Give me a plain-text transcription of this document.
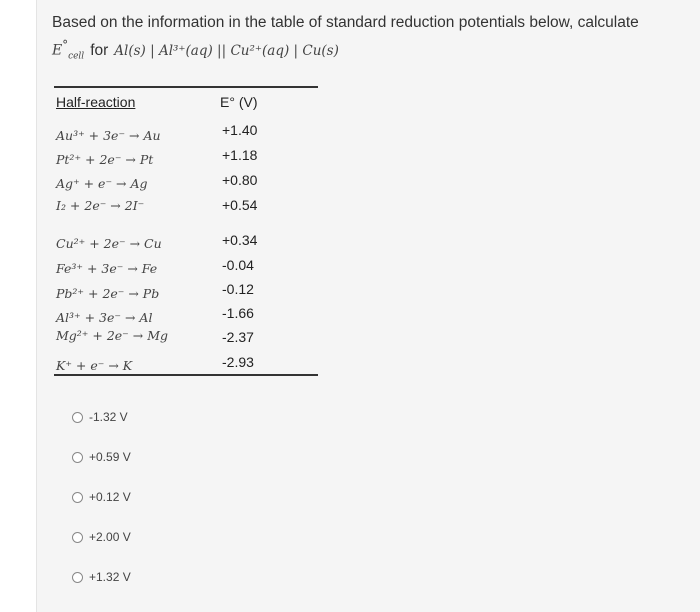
Based on the information in the table of standard reduction potentials below, calculate
$E^\circ_{cell}$ for Al(s) | Al³⁺(aq) || Cu²⁺(aq) | Cu(s)
Half-reaction	E° (V)
Au³⁺ + 3e⁻ → Au	+1.40
Pt²⁺ + 2e⁻ → Pt	+1.18
Ag⁺ + e⁻ → Ag	+0.80
I₂ + 2e⁻ → 2I⁻	+0.54
Cu²⁺ + 2e⁻ → Cu	+0.34
Fe³⁺ + 3e⁻ → Fe	-0.04
Pb²⁺ + 2e⁻ → Pb	-0.12
Al³⁺ + 3e⁻ → Al	-1.66
Mg²⁺ + 2e⁻ → Mg	-2.37
K⁺ + e⁻ → K	-2.93
-1.32 V
+0.59 V
+0.12 V
+2.00 V
+1.32 V
